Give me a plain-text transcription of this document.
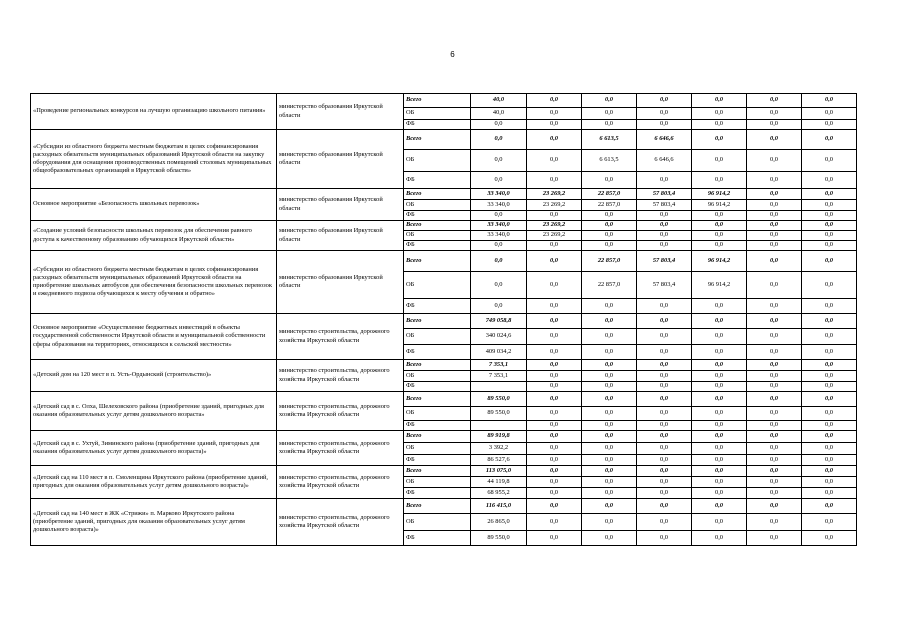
6
«Проведение региональных конкурсов на лучшую организацию школьного питания»	министерство образования Иркутской области	Всего	40,0	0,0	0,0	0,0	0,0	0,0	0,0
		ОБ	40,0	0,0	0,0	0,0	0,0	0,0	0,0
		ФБ	0,0	0,0	0,0	0,0	0,0	0,0	0,0
«Субсидии из областного бюджета местным бюджетам в целях софинансирования расходных обязательств муниципальных образований Иркутской области на закупку оборудования для оснащения производственных помещений столовых муниципальных общеобразовательных организаций в Иркутской области»	министерство образования Иркутской области	Всего	0,0	0,0	6 613,5	6 646,6	0,0	0,0	0,0
		ОБ	0,0	0,0	6 613,5	6 646,6	0,0	0,0	0,0
		ФБ	0,0	0,0	0,0	0,0	0,0	0,0	0,0
Основное мероприятие «Безопасность школьных перевозок»	министерство образования Иркутской области	Всего	33 340,0	23 269,2	22 857,0	57 803,4	96 914,2	0,0	0,0
		ОБ	33 340,0	23 269,2	22 857,0	57 803,4	96 914,2	0,0	0,0
		ФБ	0,0	0,0	0,0	0,0	0,0	0,0	0,0
«Создание условий безопасности школьных перевозок для обеспечения равного доступа к качественному образованию обучающихся Иркутской области»	министерство образования Иркутской области	Всего	33 340,0	23 269,2	0,0	0,0	0,0	0,0	0,0
		ОБ	33 340,0	23 269,2	0,0	0,0	0,0	0,0	0,0
		ФБ	0,0	0,0	0,0	0,0	0,0	0,0	0,0
«Субсидии из областного бюджета местным бюджетам в целях софинансирования расходных обязательств муниципальных образований Иркутской области на приобретение школьных автобусов для обеспечения безопасности школьных перевозок и ежедневного подвоза обучающихся к месту обучения и обратно»	министерство образования Иркутской области	Всего	0,0	0,0	22 857,0	57 803,4	96 914,2	0,0	0,0
		ОБ	0,0	0,0	22 857,0	57 803,4	96 914,2	0,0	0,0
		ФБ	0,0	0,0	0,0	0,0	0,0	0,0	0,0
Основное мероприятие «Осуществление бюджетных инвестиций в объекты государственной собственности Иркутской области и муниципальной собственности сферы образования на территориях, относящихся к сельской местности»	министерство строительства, дорожного хозяйства Иркутской области	Всего	749 058,8	0,0	0,0	0,0	0,0	0,0	0,0
		ОБ	340 024,6	0,0	0,0	0,0	0,0	0,0	0,0
		ФБ	409 034,2	0,0	0,0	0,0	0,0	0,0	0,0
«Детский дом на 120 мест в п. Усть-Ордынский (строительство)»	министерство строительства, дорожного хозяйства Иркутской области	Всего	7 353,1	0,0	0,0	0,0	0,0	0,0	0,0
		ОБ	7 353,1	0,0	0,0	0,0	0,0	0,0	0,0
		ФБ		0,0	0,0	0,0	0,0	0,0	0,0
«Детский сад в с. Олха, Шелеховского района (приобретение зданий, пригодных для оказания образовательных услуг детям дошкольного возраста»	министерство строительства, дорожного хозяйства Иркутской области	Всего	89 550,0	0,0	0,0	0,0	0,0	0,0	0,0
		ОБ	89 550,0	0,0	0,0	0,0	0,0	0,0	0,0
		ФБ		0,0	0,0	0,0	0,0	0,0	0,0
«Детский сад в с. Ухтуй, Зиминского района (приобретение зданий, пригодных для оказания образовательных услуг детям дошкольного возраста)»	министерство строительства, дорожного хозяйства Иркутской области	Всего	89 919,8	0,0	0,0	0,0	0,0	0,0	0,0
		ОБ	3 392,2	0,0	0,0	0,0	0,0	0,0	0,0
		ФБ	86 527,6	0,0	0,0	0,0	0,0	0,0	0,0
«Детский сад на 110 мест в п. Смоленщина Иркутского района (приобретение зданий, пригодных для оказания образовательных услуг детям дошкольного возраста)»	министерство строительства, дорожного хозяйства Иркутской области	Всего	113 075,0	0,0	0,0	0,0	0,0	0,0	0,0
		ОБ	44 119,8	0,0	0,0	0,0	0,0	0,0	0,0
		ФБ	68 955,2	0,0	0,0	0,0	0,0	0,0	0,0
«Детский сад на 140 мест в ЖК «Стрижи» п. Марково Иркутского района (приобретение зданий, пригодных для оказания образовательных услуг детям дошкольного возраста)»	министерство строительства, дорожного хозяйства Иркутской области	Всего	116 415,0	0,0	0,0	0,0	0,0	0,0	0,0
		ОБ	26 865,0	0,0	0,0	0,0	0,0	0,0	0,0
		ФБ	89 550,0	0,0	0,0	0,0	0,0	0,0	0,0
